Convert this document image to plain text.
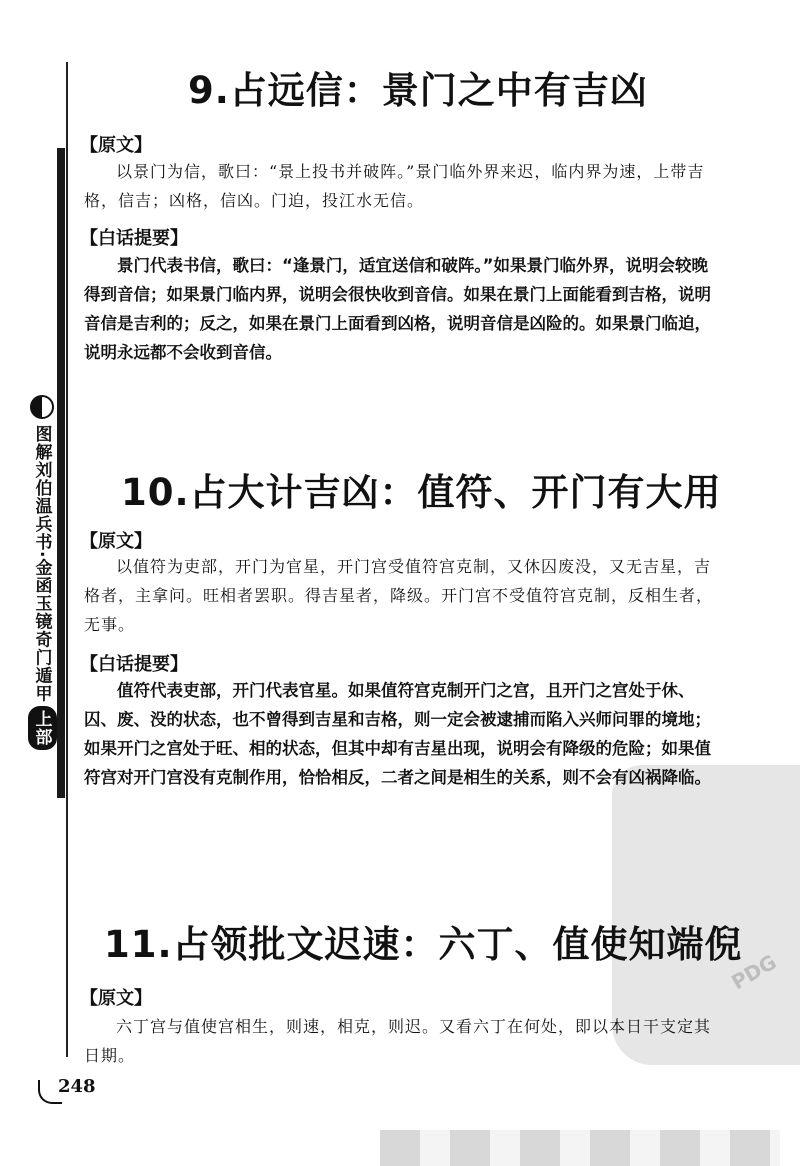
PDG
图解刘伯温兵书·金函玉镜奇门遁甲
上部
9.占远信：景门之中有吉凶
【原文】

以景门为信，歌曰：“景上投书并破阵。”景门临外界来迟，临内界为速，上带吉格，信吉；凶格，信凶。门迫，投江水无信。

【白话提要】

景门代表书信，歌曰：“逢景门，适宜送信和破阵。”如果景门临外界，说明会较晚得到音信；如果景门临内界，说明会很快收到音信。如果在景门上面能看到吉格，说明音信是吉利的；反之，如果在景门上面看到凶格，说明音信是凶险的。如果景门临迫，说明永远都不会收到音信。

10.占大计吉凶：值符、开门有大用
【原文】

以值符为吏部，开门为官星，开门宫受值符宫克制，又休囚废没，又无吉星，吉格者，主拿问。旺相者罢职。得吉星者，降级。开门宫不受值符宫克制，反相生者，无事。

【白话提要】

值符代表吏部，开门代表官星。如果值符宫克制开门之宫，且开门之宫处于休、囚、废、没的状态，也不曾得到吉星和吉格，则一定会被逮捕而陷入兴师问罪的境地；如果开门之宫处于旺、相的状态，但其中却有吉星出现，说明会有降级的危险；如果值符宫对开门宫没有克制作用，恰恰相反，二者之间是相生的关系，则不会有凶祸降临。

11.占领批文迟速：六丁、值使知端倪
【原文】

六丁宫与值使宫相生，则速，相克，则迟。又看六丁在何处，即以本日干支定其日期。

248
